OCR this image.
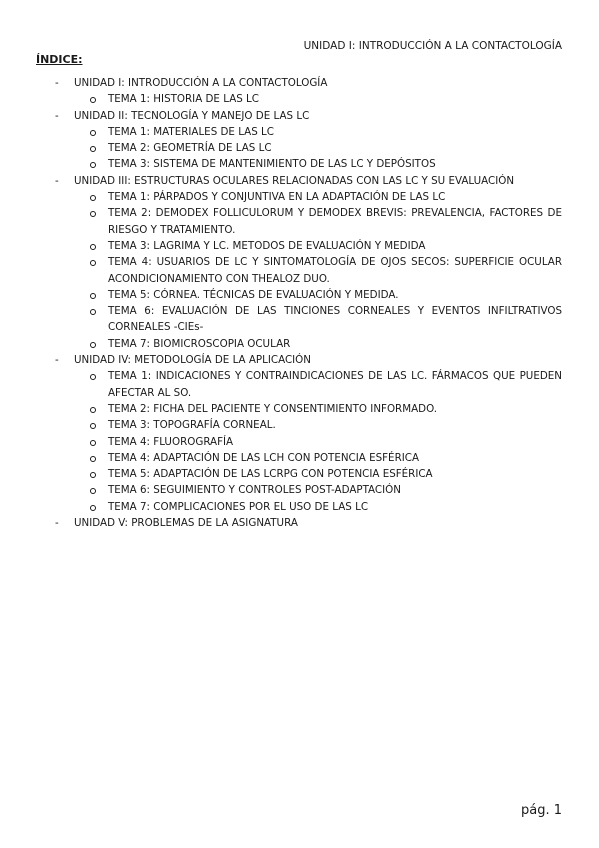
UNIDAD I: INTRODUCCIÓN A LA CONTACTOLOGÍA
ÍNDICE:
- UNIDAD I: INTRODUCCIÓN A LA CONTACTOLOGÍA
TEMA 1: HISTORIA DE LAS LC
- UNIDAD II: TECNOLOGÍA Y MANEJO DE LAS LC
TEMA 1: MATERIALES DE LAS LC
TEMA 2: GEOMETRÍA DE LAS LC
TEMA 3: SISTEMA DE MANTENIMIENTO DE LAS LC Y DEPÓSITOS
- UNIDAD III: ESTRUCTURAS OCULARES RELACIONADAS CON LAS LC Y SU EVALUACIÓN
TEMA 1: PÁRPADOS Y CONJUNTIVA EN LA ADAPTACIÓN DE LAS LC
TEMA 2: DEMODEX FOLLICULORUM Y DEMODEX BREVIS: PREVALENCIA, FACTORES DE RIESGO Y TRATAMIENTO.
TEMA 3: LAGRIMA Y LC. METODOS DE EVALUACIÓN Y MEDIDA
TEMA 4: USUARIOS DE LC Y SINTOMATOLOGÍA DE OJOS SECOS: SUPERFICIE OCULAR ACONDICIONAMIENTO CON THEALOZ DUO.
TEMA 5: CÓRNEA. TÉCNICAS DE EVALUACIÓN Y MEDIDA.
TEMA 6: EVALUACIÓN DE LAS TINCIONES CORNEALES Y EVENTOS INFILTRATIVOS CORNEALES -CIEs-
TEMA 7: BIOMICROSCOPIA OCULAR
- UNIDAD IV: METODOLOGÍA DE LA APLICACIÓN
TEMA 1: INDICACIONES Y CONTRAINDICACIONES DE LAS LC. FÁRMACOS QUE PUEDEN AFECTAR AL SO.
TEMA 2: FICHA DEL PACIENTE Y CONSENTIMIENTO INFORMADO.
TEMA 3: TOPOGRAFÍA CORNEAL.
TEMA 4: FLUOROGRAFÍA
TEMA 4: ADAPTACIÓN DE LAS LCH CON POTENCIA ESFÉRICA
TEMA 5: ADAPTACIÓN DE LAS LCRPG CON POTENCIA ESFÉRICA
TEMA 6: SEGUIMIENTO Y CONTROLES POST-ADAPTACIÓN
TEMA 7: COMPLICACIONES POR EL USO DE LAS LC
- UNIDAD V: PROBLEMAS DE LA ASIGNATURA
pág. 1
